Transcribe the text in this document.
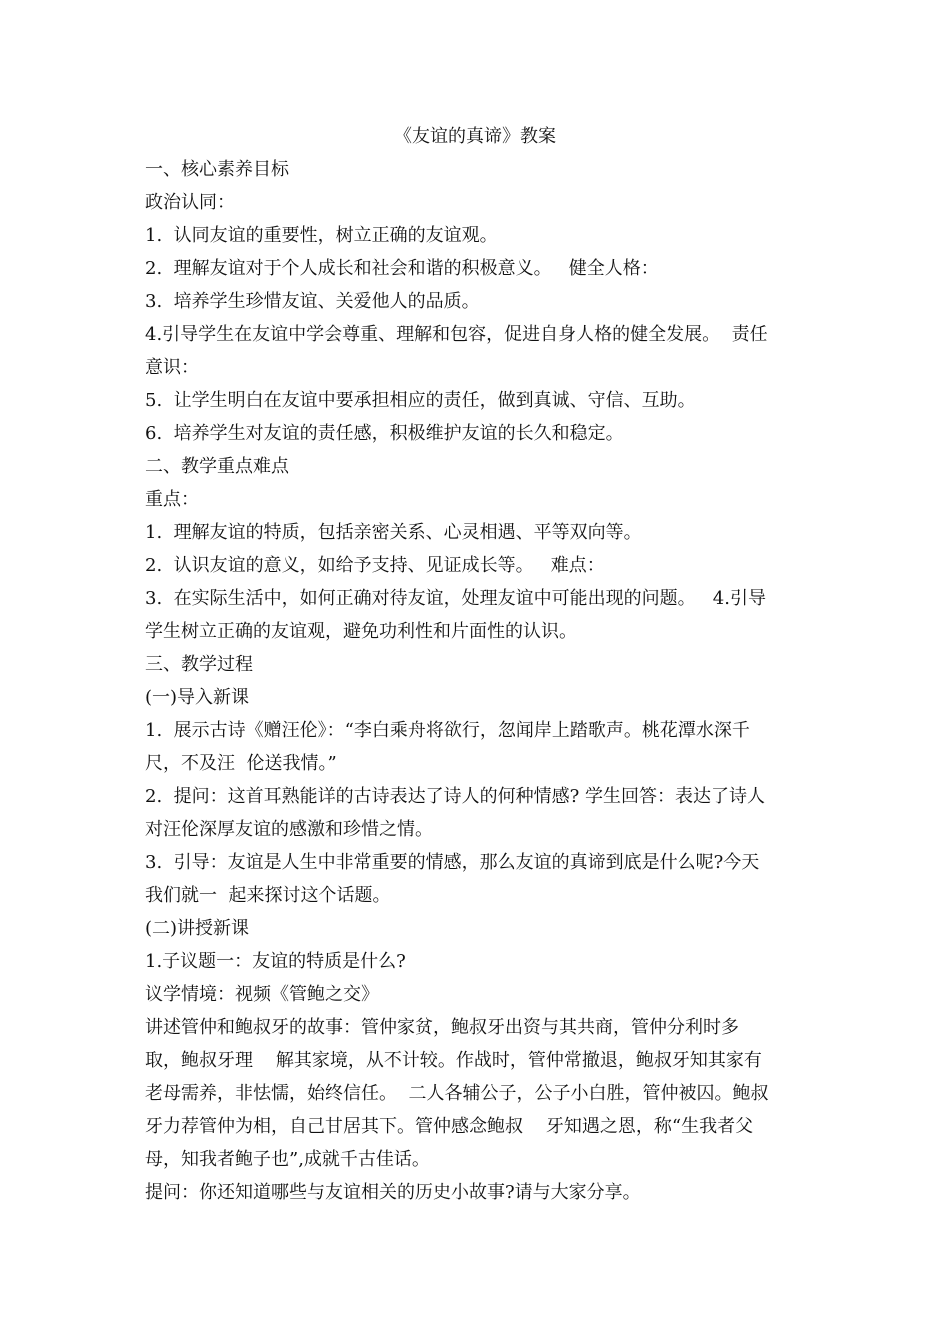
《友谊的真谛》教案
一、核心素养目标
政治认同：
1.  认同友谊的重要性，树立正确的友谊观。
2.  理解友谊对于个人成长和社会和谐的积极意义。   健全人格：
3.  培养学生珍惜友谊、关爱他人的品质。
4.引导学生在友谊中学会尊重、理解和包容，促进自身人格的健全发展。  责任
意识：
5.  让学生明白在友谊中要承担相应的责任，做到真诚、守信、互助。
6.  培养学生对友谊的责任感，积极维护友谊的长久和稳定。
二、教学重点难点
重点：
1.  理解友谊的特质，包括亲密关系、心灵相遇、平等双向等。
2.  认识友谊的意义，如给予支持、见证成长等。   难点：
3.  在实际生活中，如何正确对待友谊，处理友谊中可能出现的问题。   4.引导
学生树立正确的友谊观，避免功利性和片面性的认识。
三、教学过程
(一)导入新课
1.  展示古诗《赠汪伦》：“李白乘舟将欲行，忽闻岸上踏歌声。桃花潭水深千
尺，不及汪  伦送我情。”
2.  提问：这首耳熟能详的古诗表达了诗人的何种情感? 学生回答：表达了诗人
对汪伦深厚友谊的感激和珍惜之情。
3.  引导：友谊是人生中非常重要的情感，那么友谊的真谛到底是什么呢?今天
我们就一  起来探讨这个话题。
(二)讲授新课
1.子议题一：友谊的特质是什么?
议学情境：视频《管鲍之交》
讲述管仲和鲍叔牙的故事：管仲家贫，鲍叔牙出资与其共商，管仲分利时多
取，鲍叔牙理    解其家境，从不计较。作战时，管仲常撤退，鲍叔牙知其家有
老母需养，非怯懦，始终信任。  二人各辅公子，公子小白胜，管仲被囚。鲍叔
牙力荐管仲为相，自己甘居其下。管仲感念鲍叔    牙知遇之恩，称“生我者父
母，知我者鲍子也”,成就千古佳话。
提问：你还知道哪些与友谊相关的历史小故事?请与大家分享。
